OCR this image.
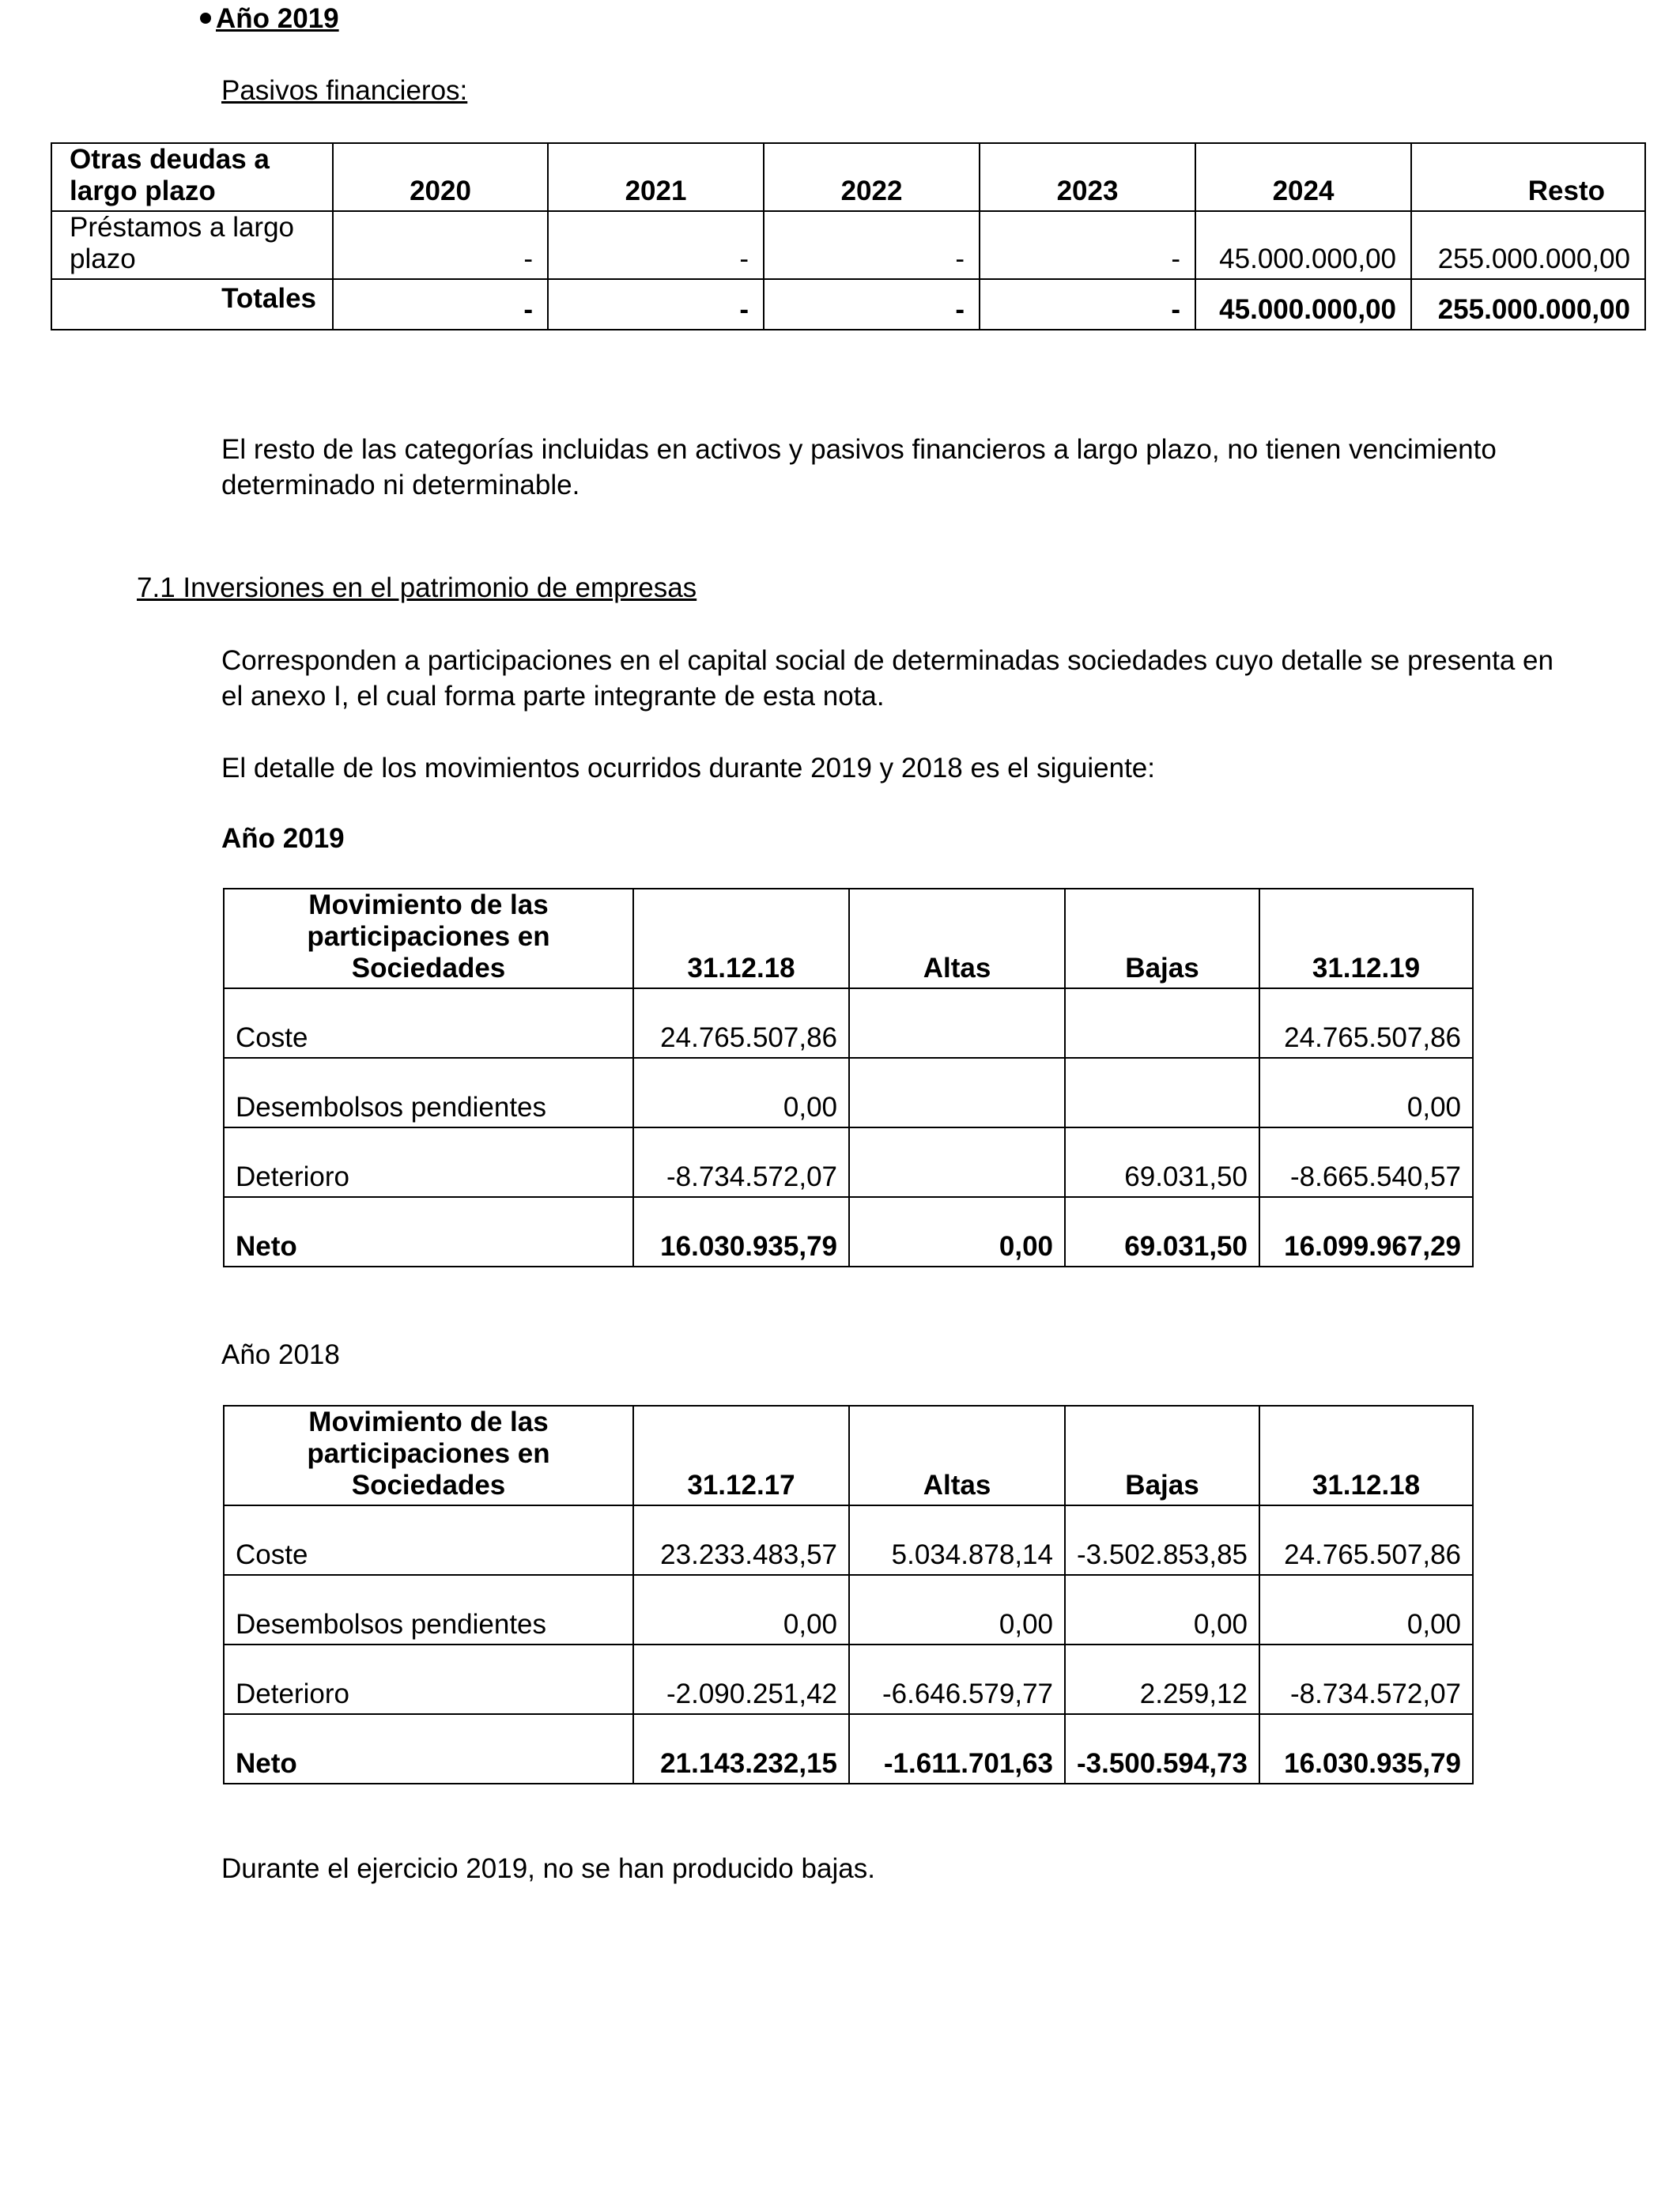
Año 2019
Pasivos financieros:
Otras deudas a largo plazo	2020	2021	2022	2023	2024	Resto
Préstamos a largo plazo	-	-	-	-	45.000.000,00	255.000.000,00
Totales	-	-	-	-	45.000.000,00	255.000.000,00
El resto de las categorías incluidas en activos y pasivos financieros a largo plazo, no tienen vencimiento determinado ni determinable.
7.1 Inversiones en el patrimonio de empresas
Corresponden a participaciones en el capital social de determinadas sociedades cuyo detalle se presenta en el anexo I, el cual forma parte integrante de esta nota.
El detalle de los movimientos ocurridos durante 2019 y 2018 es el siguiente:
Año 2019
Movimiento de las participaciones en Sociedades	31.12.18	Altas	Bajas	31.12.19
Coste	24.765.507,86			24.765.507,86
Desembolsos pendientes	0,00			0,00
Deterioro	-8.734.572,07		69.031,50	-8.665.540,57
Neto	16.030.935,79	0,00	69.031,50	16.099.967,29
Año 2018
Movimiento de las participaciones en Sociedades	31.12.17	Altas	Bajas	31.12.18
Coste	23.233.483,57	5.034.878,14	-3.502.853,85	24.765.507,86
Desembolsos pendientes	0,00	0,00	0,00	0,00
Deterioro	-2.090.251,42	-6.646.579,77	2.259,12	-8.734.572,07
Neto	21.143.232,15	-1.611.701,63	-3.500.594,73	16.030.935,79
Durante el ejercicio 2019, no se han producido bajas.
